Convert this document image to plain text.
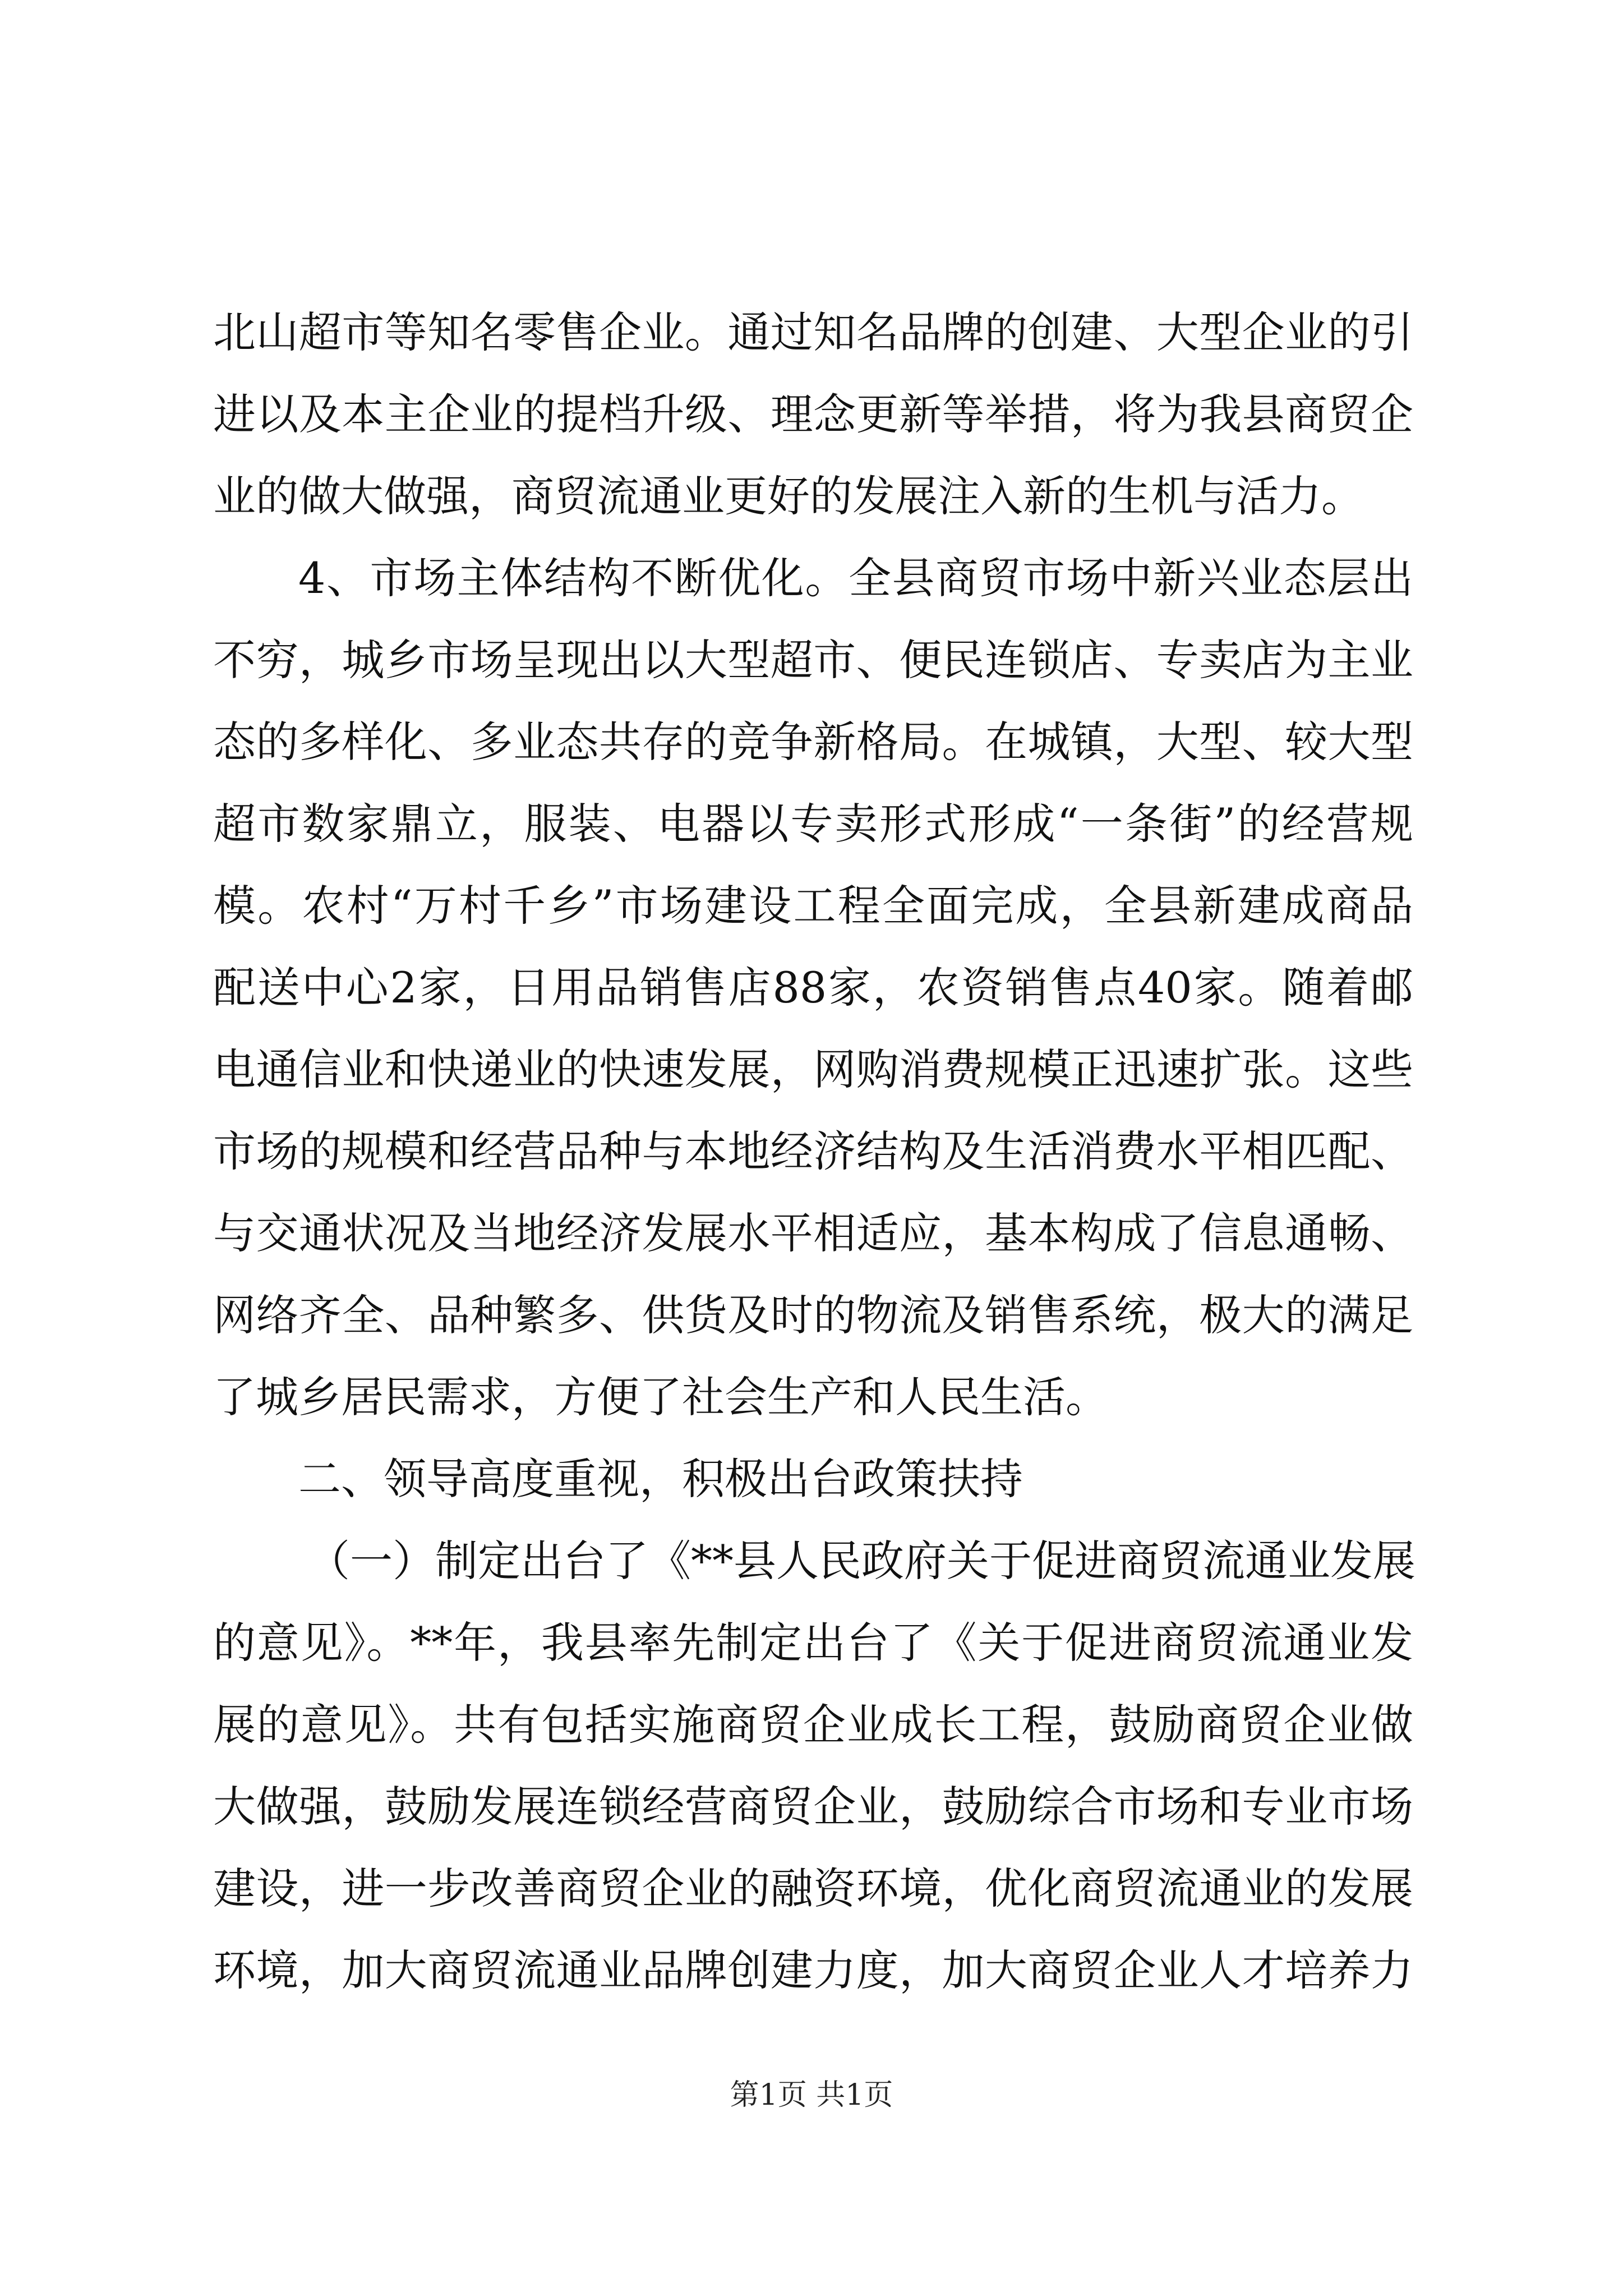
北山超市等知名零售企业。通过知名品牌的创建、大型企业的引
进以及本主企业的提档升级、理念更新等举措，将为我县商贸企
业的做大做强，商贸流通业更好的发展注入新的生机与活力。
4、市场主体结构不断优化。全县商贸市场中新兴业态层出
不穷，城乡市场呈现出以大型超市、便民连锁店、专卖店为主业
态的多样化、多业态共存的竞争新格局。在城镇，大型、较大型
超市数家鼎立，服装、电器以专卖形式形成“一条街”的经营规
模。农村“万村千乡”市场建设工程全面完成，全县新建成商品
配送中心2家，日用品销售店88家，农资销售点40家。随着邮
电通信业和快递业的快速发展，网购消费规模正迅速扩张。这些
市场的规模和经营品种与本地经济结构及生活消费水平相匹配、
与交通状况及当地经济发展水平相适应，基本构成了信息通畅、
网络齐全、品种繁多、供货及时的物流及销售系统，极大的满足
了城乡居民需求，方便了社会生产和人民生活。
二、领导高度重视，积极出台政策扶持
（一）制定出台了《**县人民政府关于促进商贸流通业发展
的意见》。**年，我县率先制定出台了《关于促进商贸流通业发
展的意见》。共有包括实施商贸企业成长工程，鼓励商贸企业做
大做强，鼓励发展连锁经营商贸企业，鼓励综合市场和专业市场
建设，进一步改善商贸企业的融资环境，优化商贸流通业的发展
环境，加大商贸流通业品牌创建力度，加大商贸企业人才培养力
第1页 共1页
